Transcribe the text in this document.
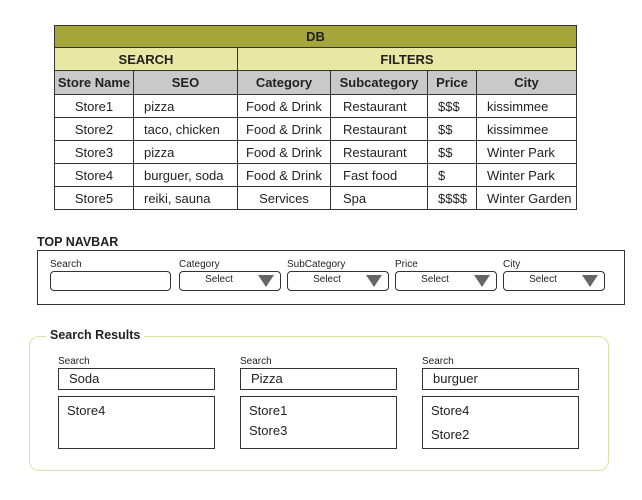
DB					
SEARCH		FILTERS			
Store Name	SEO	Category	Subcategory	Price	City
Store1	pizza	Food & Drink	Restaurant	$$$	kissimmee
Store2	taco, chicken	Food & Drink	Restaurant	$$	kissimmee
Store3	pizza	Food & Drink	Restaurant	$$	Winter Park
Store4	burguer, soda	Food & Drink	Fast food	$	Winter Park
Store5	reiki, sauna	Services	Spa	$$$$	Winter Garden
TOP NAVBAR
Search	Category
Select
SubCategory
Select
Price
Select
City
Select
Search Results
Search
Soda
Store4
Search
Pizza
Store1
Store3
Search
burguer
Store4
Store2
